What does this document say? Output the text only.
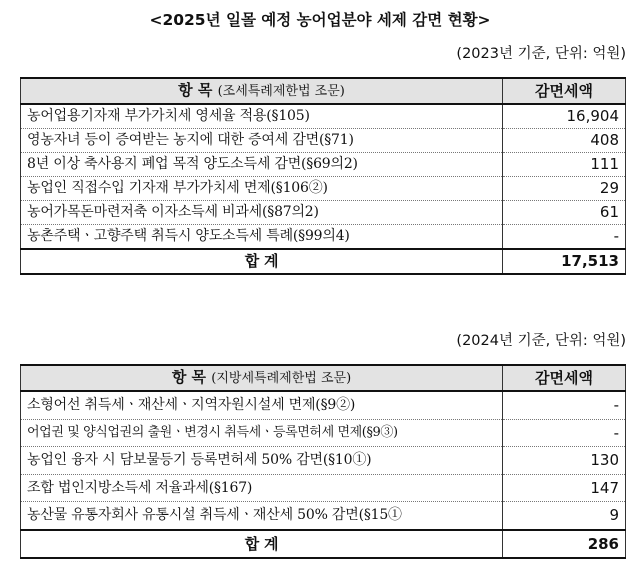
<2025년 일몰 예정 농어업분야 세제 감면 현황>
(2023년 기준, 단위: 억원)
항 목 (조세특례제한법 조문)	감면세액
농어업용기자재 부가가치세 영세율 적용(§105)	16,904
영농자녀 등이 증여받는 농지에 대한 증여세 감면(§71)	408
8년 이상 축사용지 폐업 목적 양도소득세 감면(§69의2)	111
농업인 직접수입 기자재 부가가치세 면제(§106②)	29
농어가목돈마련저축 이자소득세 비과세(§87의2)	61
농촌주택ㆍ고향주택 취득시 양도소득세 특례(§99의4)	-
합 계	17,513
(2024년 기준, 단위: 억원)
항 목 (지방세특례제한법 조문)	감면세액
소형어선 취득세ㆍ재산세ㆍ지역자원시설세 면제(§9②)	-
어업권 및 양식업권의 출원ㆍ변경시 취득세ㆍ등록면허세 면제(§9③)	-
농업인 융자 시 담보물등기 등록면허세 50% 감면(§10①)	130
조합 법인지방소득세 저율과세(§167)	147
농산물 유통자회사 유통시설 취득세ㆍ재산세 50% 감면(§15①	9
합 계	286
